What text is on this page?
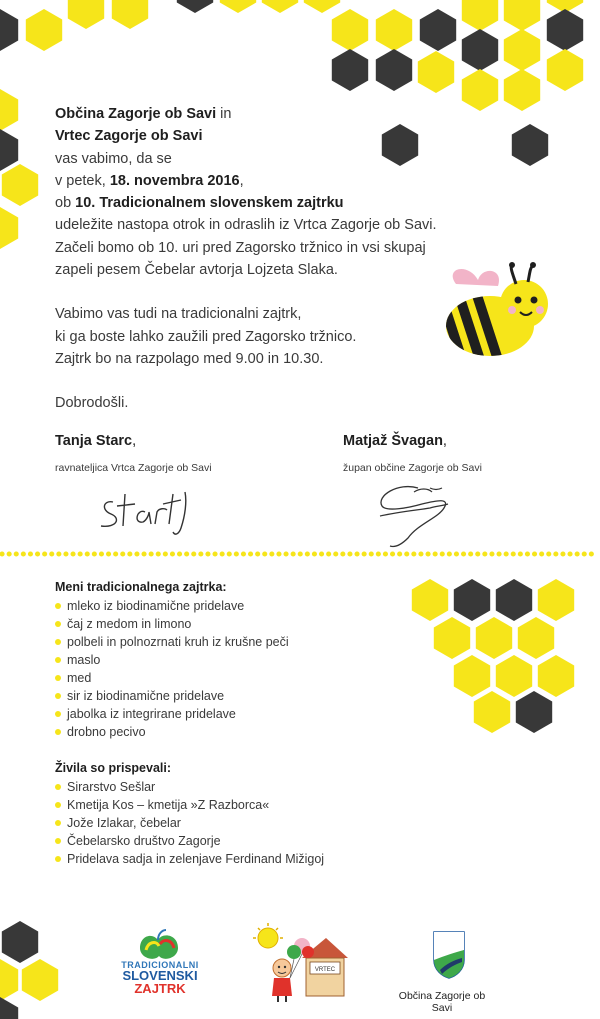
Občina Zagorje ob Savi in

Vrtec Zagorje ob Savi

vas vabimo, da se

v petek, 18. novembra 2016,

ob 10. Tradicionalnem slovenskem zajtrku

udeležite nastopa otrok in odraslih iz Vrtca Zagorje ob Savi.

Začeli bomo ob 10. uri pred Zagorsko tržnico in vsi skupaj

zapeli pesem Čebelar avtorja Lojzeta Slaka.

Vabimo vas tudi na tradicionalni zajtrk,

ki ga boste lahko zaužili pred Zagorsko tržnico.

Zajtrk bo na razpolago med 9.00 in 10.30.

Dobrodošli.

Tanja Starc,
ravnateljica Vrtca Zagorje ob Savi
Matjaž Švagan,
župan občine Zagorje ob Savi
Meni tradicionalnega zajtrka:
mleko iz biodinamične pridelave
čaj z medom in limono
polbeli in polnozrnati kruh iz krušne peči
maslo
med
sir iz biodinamične pridelave
jabolka iz integrirane pridelave
drobno pecivo
Živila so prispevali:
Sirarstvo Sešlar
Kmetija Kos – kmetija »Z Razborca«
Jože Izlakar, čebelar
Čebelarsko društvo Zagorje
Pridelava sadja in zelenjave Ferdinand Mižigoj
TRADICIONALNI
SLOVENSKI
ZAJTRK
VRTEC
Občina Zagorje ob Savi
